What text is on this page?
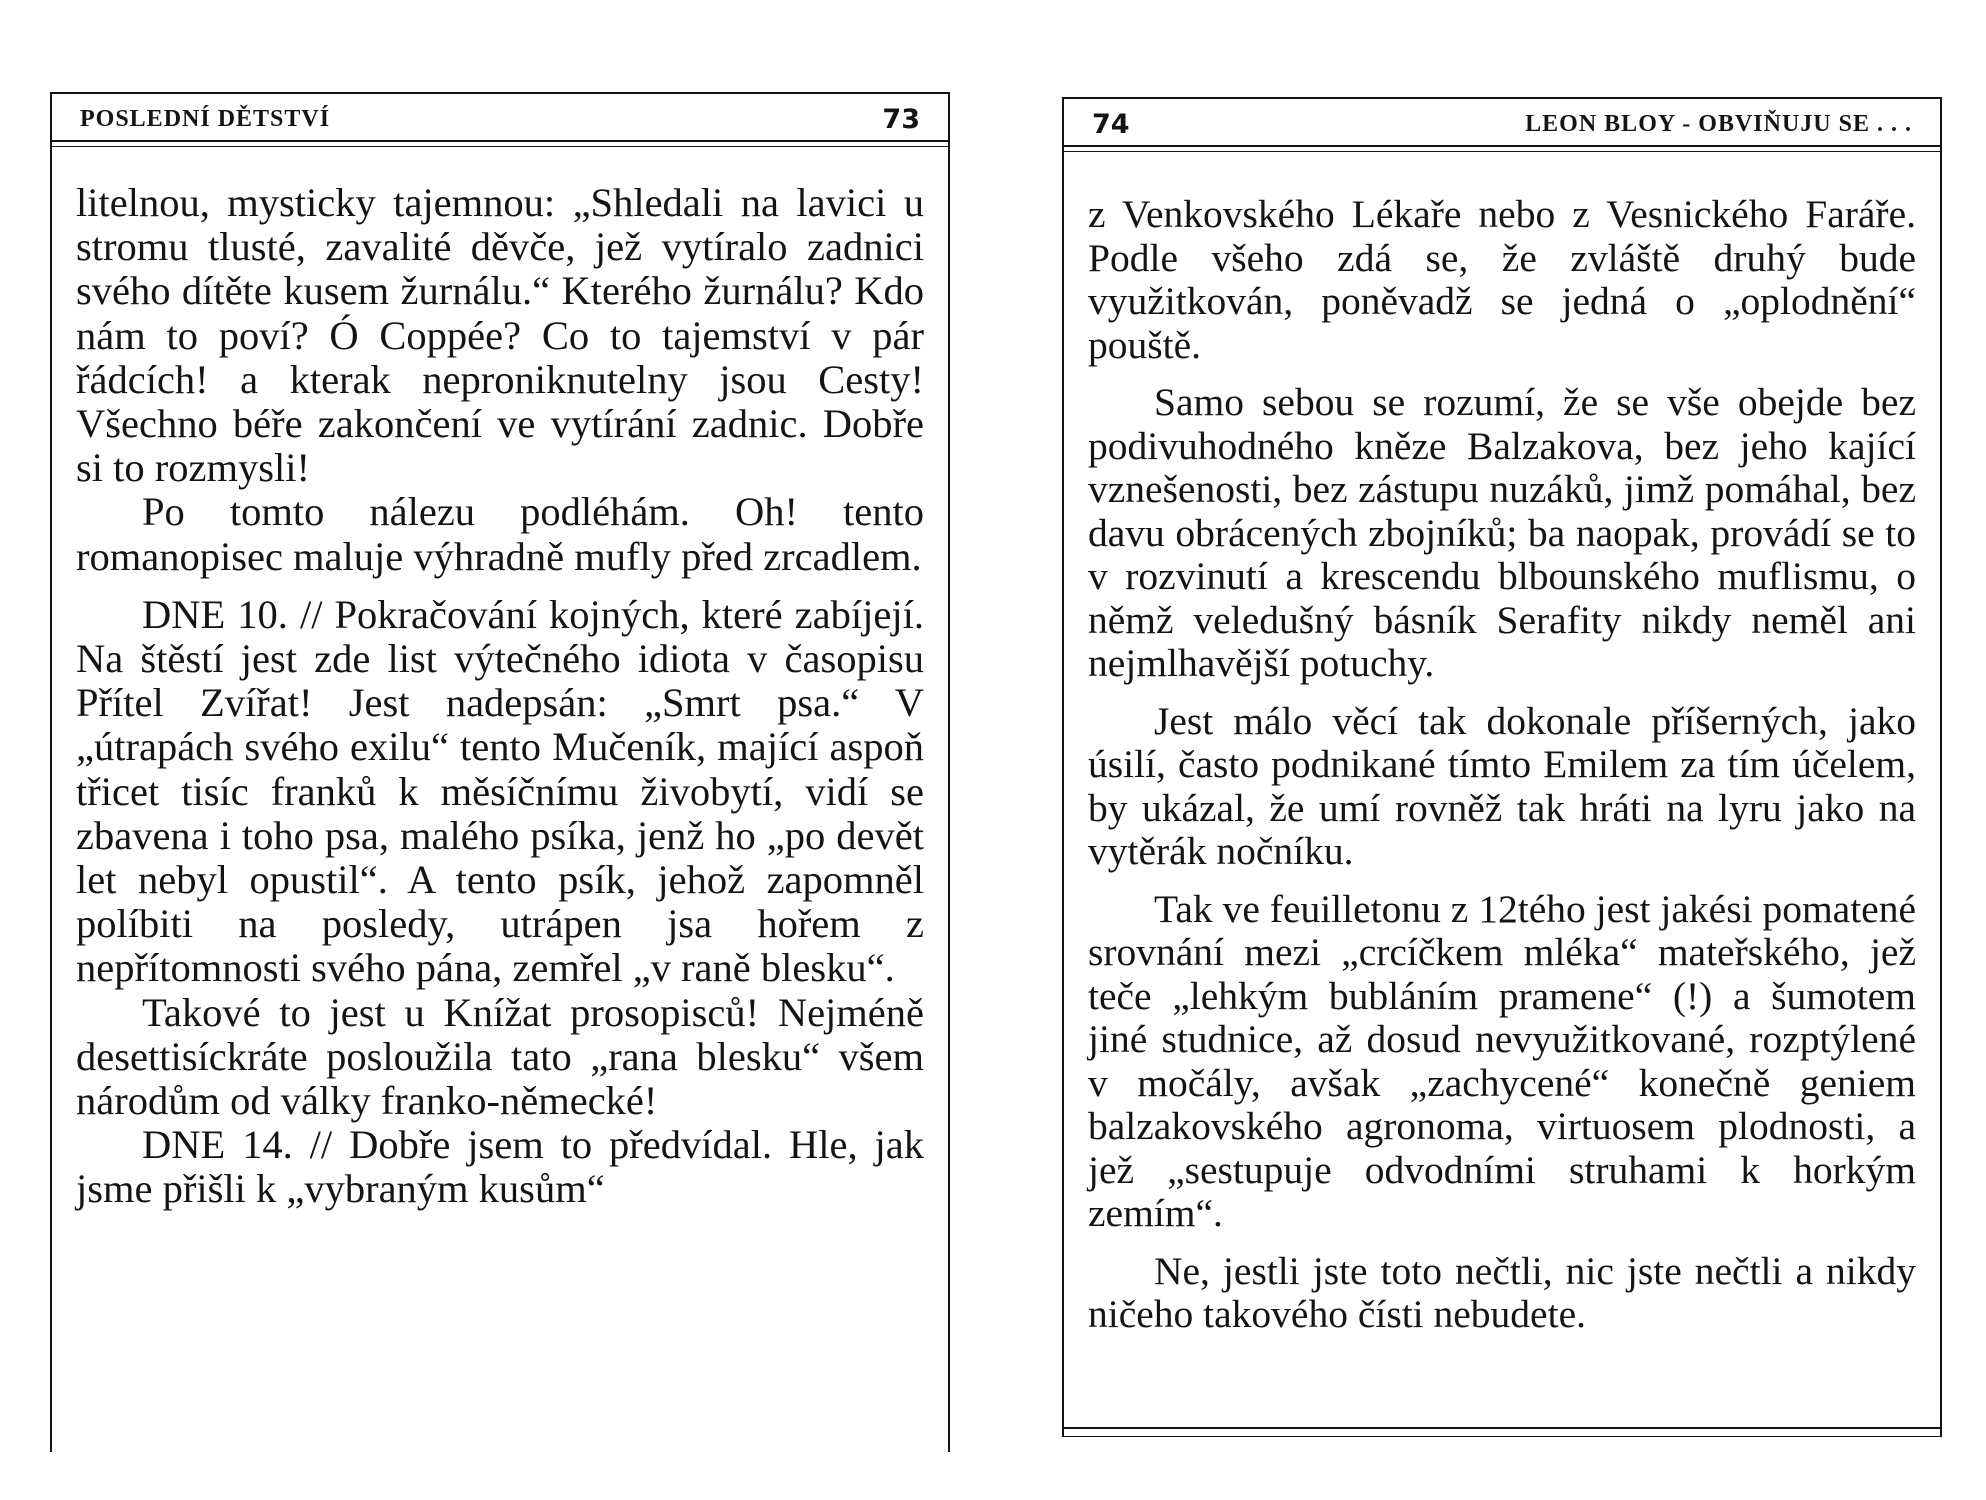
POSLEDNÍ DĚTSTVÍ	73

litelnou, mysticky tajemnou: „Shledali na lavici u stromu tlusté, zavalité děvče, jež vytíralo zadnici svého dítěte kusem žurnálu.“ Kterého žurnálu? Kdo nám to poví? Ó Coppée? Co to tajemství v pár řádcích! a kterak neproniknutelny jsou Cesty! Všechno béře zakončení ve vytírání zadnic. Dobře si to rozmysli!

Po tomto nálezu podléhám. Oh! tento romanopisec maluje výhradně mufly před zrcadlem.

DNE 10. // Pokračování kojných, které zabíjejí. Na štěstí jest zde list výtečného idiota v časopisu Přítel Zvířat! Jest nadepsán: „Smrt psa.“ V „útrapách svého exilu“ tento Mučeník, mající aspoň třicet tisíc franků k měsíčnímu živobytí, vidí se zbavena i toho psa, malého psíka, jenž ho „po devět let nebyl opustil“. A tento psík, jehož zapomněl políbiti na posledy, utrápen jsa hořem z nepřítomnosti svého pána, zemřel „v raně blesku“.

Takové to jest u Knížat prosopisců! Nejméně desettisíckráte posloužila tato „rana blesku“ všem národům od války franko-německé!

DNE 14. // Dobře jsem to předvídal. Hle, jak jsme přišli k „vybraným kusům“

74	LEON BLOY - OBVIŇUJU SE . . .

z Venkovského Lékaře nebo z Vesnického Faráře. Podle všeho zdá se, že zvláště druhý bude využitkován, poněvadž se jedná o „oplodnění“ pouště.

Samo sebou se rozumí, že se vše obejde bez podivuhodného kněze Balzakova, bez jeho kající vznešenosti, bez zástupu nuzáků, jimž pomáhal, bez davu obrácených zbojníků; ba naopak, provádí se to v rozvinutí a krescendu blbounského muflismu, o němž veledušný básník Serafity nikdy neměl ani nejmlhavější potuchy.

Jest málo věcí tak dokonale příšerných, jako úsilí, často podnikané tímto Emilem za tím účelem, by ukázal, že umí rovněž tak hráti na lyru jako na vytěrák nočníku.

Tak ve feuilletonu z 12tého jest jakési pomatené srovnání mezi „crcíčkem mléka“ mateřského, jež teče „lehkým bubláním pramene“ (!) a šumotem jiné studnice, až dosud nevyužitkované, rozptýlené v močály, avšak „zachycené“ konečně geniem balzakovského agronoma, virtuosem plodnosti, a jež „sestupuje odvodními struhami k horkým zemím“.

Ne, jestli jste toto nečtli, nic jste nečtli a nikdy ničeho takového čísti nebudete.
